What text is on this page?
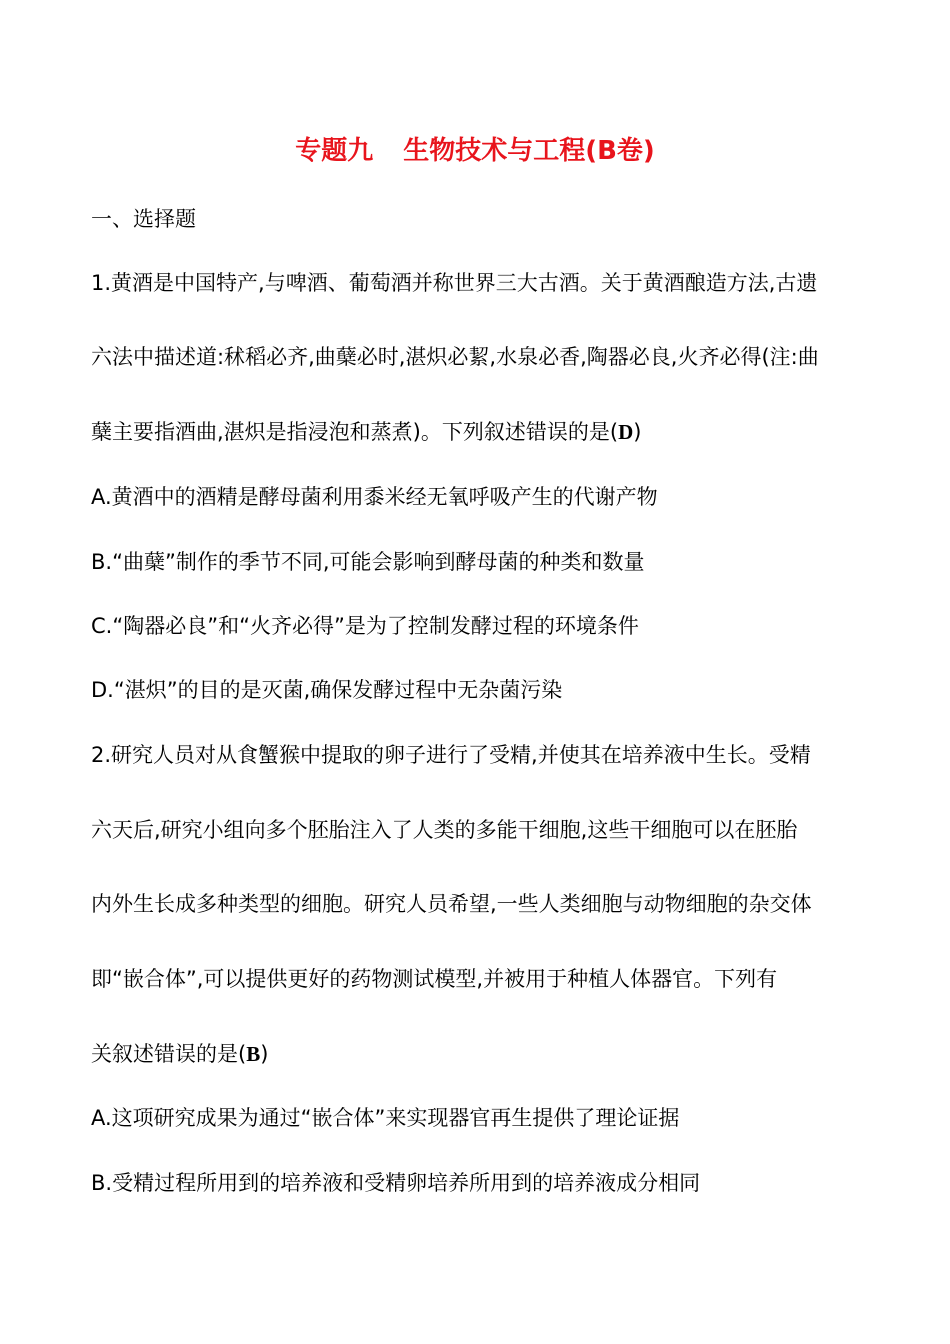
专题九 生物技术与工程(B卷)
一、选择题
1.黄酒是中国特产,与啤酒、葡萄酒并称世界三大古酒。关于黄酒酿造方法,古遗
六法中描述道:秫稻必齐,曲蘖必时,湛炽必絜,水泉必香,陶器必良,火齐必得(注:曲
蘖主要指酒曲,湛炽是指浸泡和蒸煮)。下列叙述错误的是(D)
A.黄酒中的酒精是酵母菌利用黍米经无氧呼吸产生的代谢产物
B.“曲蘖”制作的季节不同,可能会影响到酵母菌的种类和数量
C.“陶器必良”和“火齐必得”是为了控制发酵过程的环境条件
D.“湛炽”的目的是灭菌,确保发酵过程中无杂菌污染
2.研究人员对从食蟹猴中提取的卵子进行了受精,并使其在培养液中生长。受精
六天后,研究小组向多个胚胎注入了人类的多能干细胞,这些干细胞可以在胚胎
内外生长成多种类型的细胞。研究人员希望,一些人类细胞与动物细胞的杂交体
即“嵌合体”,可以提供更好的药物测试模型,并被用于种植人体器官。下列有
关叙述错误的是(B)
A.这项研究成果为通过“嵌合体”来实现器官再生提供了理论证据
B.受精过程所用到的培养液和受精卵培养所用到的培养液成分相同
